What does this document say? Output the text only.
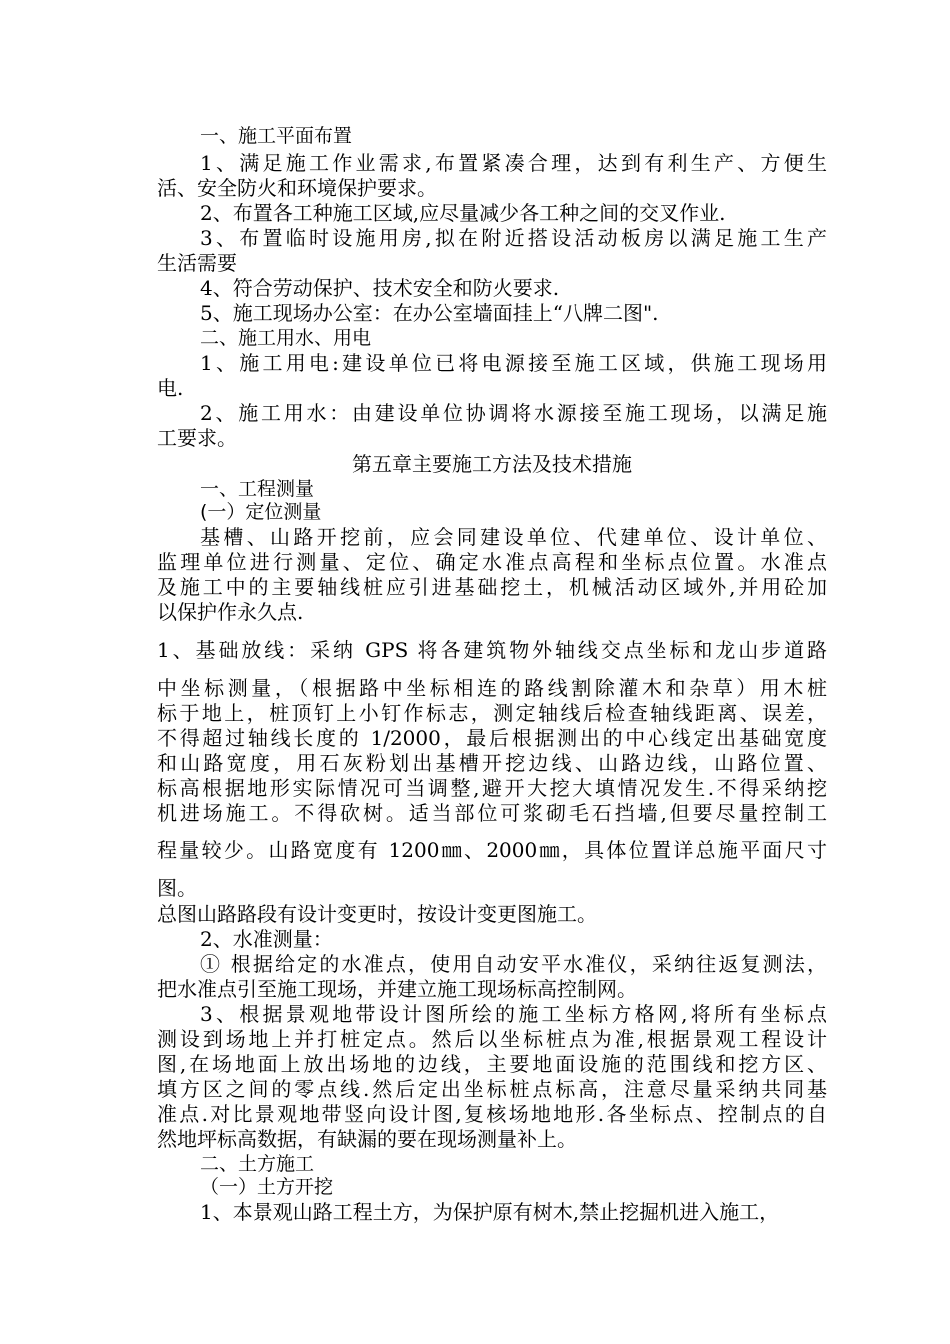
一、施工平面布置
1、满足施工作业需求,布置紧凑合理，达到有利生产、方便生
活、安全防火和环境保护要求。
2、布置各工种施工区域,应尽量减少各工种之间的交叉作业.
3、布置临时设施用房,拟在附近搭设活动板房以满足施工生产
生活需要
4、符合劳动保护、技术安全和防火要求.
5、施工现场办公室：在办公室墙面挂上“八牌二图".
二、施工用水、用电
1、施工用电:建设单位已将电源接至施工区域，供施工现场用
电.
2、施工用水：由建设单位协调将水源接至施工现场，以满足施
工要求。
第五章主要施工方法及技术措施
一、工程测量
(一）定位测量
基槽、山路开挖前，应会同建设单位、代建单位、设计单位、
监理单位进行测量、定位、确定水准点高程和坐标点位置。水准点
及施工中的主要轴线桩应引进基础挖土，机械活动区域外,并用砼加
以保护作永久点.
1、基础放线：采纳 GPS 将各建筑物外轴线交点坐标和龙山步道路
中坐标测量，（根据路中坐标相连的路线割除灌木和杂草）用木桩
标于地上，桩顶钉上小钉作标志，测定轴线后检查轴线距离、误差，
不得超过轴线长度的 1/2000，最后根据测出的中心线定出基础宽度
和山路宽度，用石灰粉划出基槽开挖边线、山路边线，山路位置、
标高根据地形实际情况可当调整,避开大挖大填情况发生.不得采纳挖
机进场施工。不得砍树。适当部位可浆砌毛石挡墙,但要尽量控制工
程量较少。山路宽度有 1200㎜、2000㎜，具体位置详总施平面尺寸
图。
总图山路路段有设计变更时，按设计变更图施工。
2、水准测量：
① 根据给定的水准点，使用自动安平水准仪，采纳往返复测法，
把水准点引至施工现场，并建立施工现场标高控制网。
3、根据景观地带设计图所绘的施工坐标方格网,将所有坐标点
测设到场地上并打桩定点。然后以坐标桩点为准,根据景观工程设计
图,在场地面上放出场地的边线，主要地面设施的范围线和挖方区、
填方区之间的零点线.然后定出坐标桩点标高，注意尽量采纳共同基
准点.对比景观地带竖向设计图,复核场地地形.各坐标点、控制点的自
然地坪标高数据，有缺漏的要在现场测量补上。
二、土方施工
（一）土方开挖
1、本景观山路工程土方，为保护原有树木,禁止挖掘机进入施工，
